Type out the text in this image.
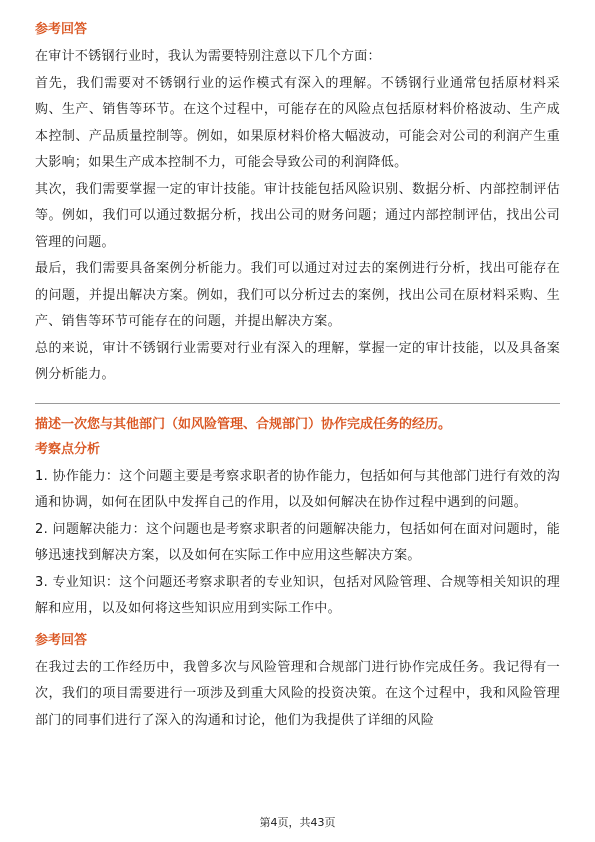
参考回答

在审计不锈钢行业时，我认为需要特别注意以下几个方面：

首先，我们需要对不锈钢行业的运作模式有深入的理解。不锈钢行业通常包括原材料采购、生产、销售等环节。在这个过程中，可能存在的风险点包括原材料价格波动、生产成本控制、产品质量控制等。例如，如果原材料价格大幅波动，可能会对公司的利润产生重大影响；如果生产成本控制不力，可能会导致公司的利润降低。

其次，我们需要掌握一定的审计技能。审计技能包括风险识别、数据分析、内部控制评估等。例如，我们可以通过数据分析，找出公司的财务问题；通过内部控制评估，找出公司管理的问题。

最后，我们需要具备案例分析能力。我们可以通过对过去的案例进行分析，找出可能存在的问题，并提出解决方案。例如，我们可以分析过去的案例，找出公司在原材料采购、生产、销售等环节可能存在的问题，并提出解决方案。

总的来说，审计不锈钢行业需要对行业有深入的理解，掌握一定的审计技能，以及具备案例分析能力。

描述一次您与其他部门（如风险管理、合规部门）协作完成任务的经历。
考察点分析

1. 协作能力：这个问题主要是考察求职者的协作能力，包括如何与其他部门进行有效的沟通和协调，如何在团队中发挥自己的作用，以及如何解决在协作过程中遇到的问题。

2. 问题解决能力：这个问题也是考察求职者的问题解决能力，包括如何在面对问题时，能够迅速找到解决方案，以及如何在实际工作中应用这些解决方案。

3. 专业知识：这个问题还考察求职者的专业知识，包括对风险管理、合规等相关知识的理解和应用，以及如何将这些知识应用到实际工作中。

参考回答

在我过去的工作经历中，我曾多次与风险管理和合规部门进行协作完成任务。我记得有一次，我们的项目需要进行一项涉及到重大风险的投资决策。在这个过程中，我和风险管理部门的同事们进行了深入的沟通和讨论，他们为我提供了详细的风险

第4页，共43页
